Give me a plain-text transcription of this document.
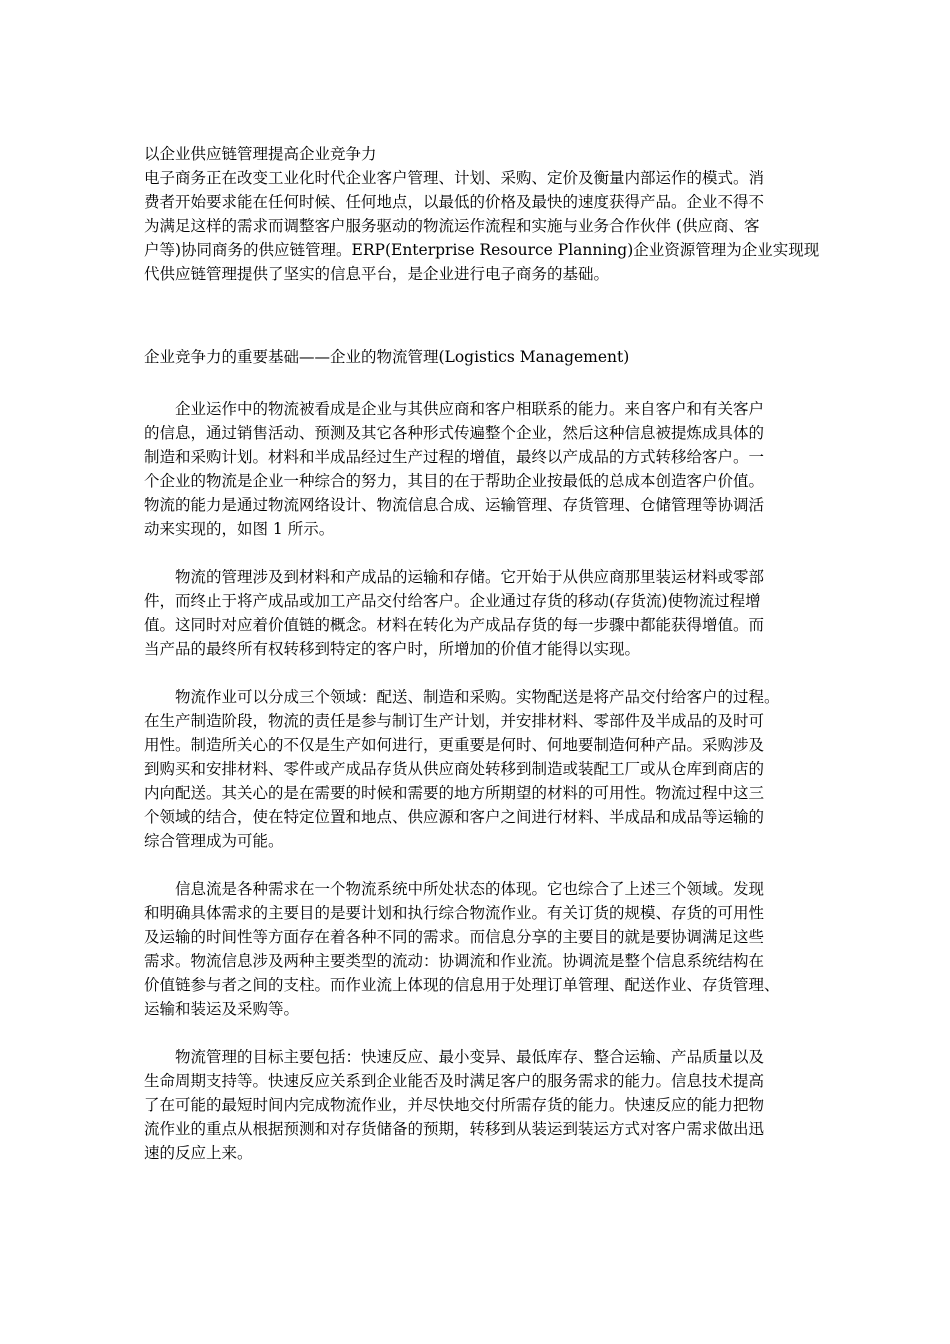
以企业供应链管理提高企业竞争力
电子商务正在改变工业化时代企业客户管理、计划、采购、定价及衡量内部运作的模式。消
费者开始要求能在任何时候、任何地点，以最低的价格及最快的速度获得产品。企业不得不
为满足这样的需求而调整客户服务驱动的物流运作流程和实施与业务合作伙伴 (供应商、客
户等)协同商务的供应链管理。ERP(Enterprise Resource Planning)企业资源管理为企业实现现
代供应链管理提供了坚实的信息平台，是企业进行电子商务的基础。
企业竞争力的重要基础——企业的物流管理(Logistics Management)
　　企业运作中的物流被看成是企业与其供应商和客户相联系的能力。来自客户和有关客户
的信息，通过销售活动、预测及其它各种形式传遍整个企业，然后这种信息被提炼成具体的
制造和采购计划。材料和半成品经过生产过程的增值，最终以产成品的方式转移给客户。一
个企业的物流是企业一种综合的努力，其目的在于帮助企业按最低的总成本创造客户价值。
物流的能力是通过物流网络设计、物流信息合成、运输管理、存货管理、仓储管理等协调活
动来实现的，如图 1 所示。
　　物流的管理涉及到材料和产成品的运输和存储。它开始于从供应商那里装运材料或零部
件，而终止于将产成品或加工产品交付给客户。企业通过存货的移动(存货流)使物流过程增
值。这同时对应着价值链的概念。材料在转化为产成品存货的每一步骤中都能获得增值。而
当产品的最终所有权转移到特定的客户时，所增加的价值才能得以实现。
　　物流作业可以分成三个领域：配送、制造和采购。实物配送是将产品交付给客户的过程。
在生产制造阶段，物流的责任是参与制订生产计划，并安排材料、零部件及半成品的及时可
用性。制造所关心的不仅是生产如何进行，更重要是何时、何地要制造何种产品。采购涉及
到购买和安排材料、零件或产成品存货从供应商处转移到制造或装配工厂或从仓库到商店的
内向配送。其关心的是在需要的时候和需要的地方所期望的材料的可用性。物流过程中这三
个领域的结合，使在特定位置和地点、供应源和客户之间进行材料、半成品和成品等运输的
综合管理成为可能。
　　信息流是各种需求在一个物流系统中所处状态的体现。它也综合了上述三个领域。发现
和明确具体需求的主要目的是要计划和执行综合物流作业。有关订货的规模、存货的可用性
及运输的时间性等方面存在着各种不同的需求。而信息分享的主要目的就是要协调满足这些
需求。物流信息涉及两种主要类型的流动：协调流和作业流。协调流是整个信息系统结构在
价值链参与者之间的支柱。而作业流上体现的信息用于处理订单管理、配送作业、存货管理、
运输和装运及采购等。
　　物流管理的目标主要包括：快速反应、最小变异、最低库存、整合运输、产品质量以及
生命周期支持等。快速反应关系到企业能否及时满足客户的服务需求的能力。信息技术提高
了在可能的最短时间内完成物流作业，并尽快地交付所需存货的能力。快速反应的能力把物
流作业的重点从根据预测和对存货储备的预期，转移到从装运到装运方式对客户需求做出迅
速的反应上来。
